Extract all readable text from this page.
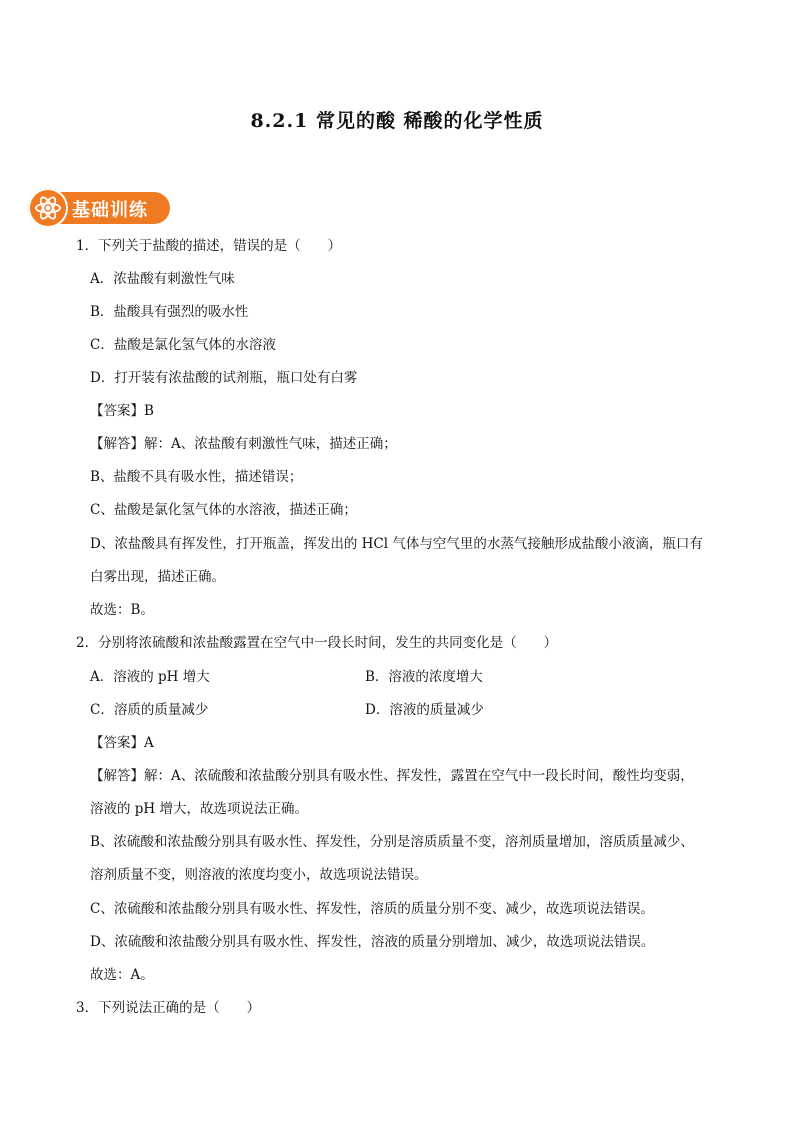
8.2.1 常见的酸 稀酸的化学性质
基础训练
1．下列关于盐酸的描述，错误的是（　　）
A．浓盐酸有刺激性气味
B．盐酸具有强烈的吸水性
C．盐酸是氯化氢气体的水溶液
D．打开装有浓盐酸的试剂瓶，瓶口处有白雾
【答案】B
【解答】解：A、浓盐酸有刺激性气味，描述正确；
B、盐酸不具有吸水性，描述错误；
C、盐酸是氯化氢气体的水溶液，描述正确；
D、浓盐酸具有挥发性，打开瓶盖，挥发出的 HCl 气体与空气里的水蒸气接触形成盐酸小液滴，瓶口有
白雾出现，描述正确。
故选：B。
2．分别将浓硫酸和浓盐酸露置在空气中一段长时间，发生的共同变化是（　　）
A．溶液的 pH 增大	B．溶液的浓度增大
C．溶质的质量减少	D．溶液的质量减少
【答案】A
【解答】解：A、浓硫酸和浓盐酸分别具有吸水性、挥发性，露置在空气中一段长时间，酸性均变弱，
溶液的 pH 增大，故选项说法正确。
B、浓硫酸和浓盐酸分别具有吸水性、挥发性，分别是溶质质量不变，溶剂质量增加，溶质质量减少、
溶剂质量不变，则溶液的浓度均变小，故选项说法错误。
C、浓硫酸和浓盐酸分别具有吸水性、挥发性，溶质的质量分别不变、减少，故选项说法错误。
D、浓硫酸和浓盐酸分别具有吸水性、挥发性，溶液的质量分别增加、减少，故选项说法错误。
故选：A。
3．下列说法正确的是（　　）
